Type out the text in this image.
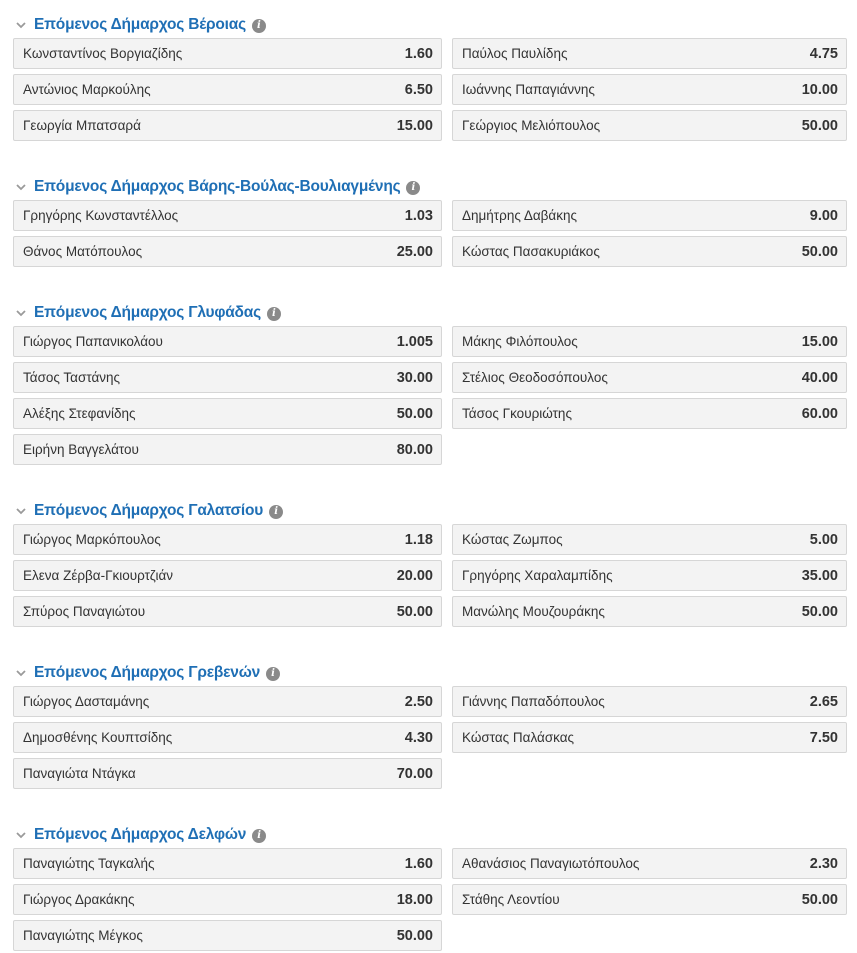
Επόμενος Δήμαρχος Βέροιας	i
Κωνσταντίνος Βοργιαζίδης	1.60 Παύλος Παυλίδης	4.75
Αντώνιος Μαρκούλης	6.50 Ιωάννης Παπαγιάννης	10.00
Γεωργία Μπατσαρά	15.00 Γεώργιος Μελιόπουλος	50.00
Επόμενος Δήμαρχος Βάρης-Βούλας-Βουλιαγμένης	i
Γρηγόρης Κωνσταντέλλος	1.03 Δημήτρης Δαβάκης	9.00
Θάνος Ματόπουλος	25.00 Κώστας Πασακυριάκος	50.00
Επόμενος Δήμαρχος Γλυφάδας	i
Γιώργος Παπανικολάου	1.005 Μάκης Φιλόπουλος	15.00
Τάσος Ταστάνης	30.00 Στέλιος Θεοδοσόπουλος	40.00
Αλέξης Στεφανίδης	50.00 Τάσος Γκουριώτης	60.00
Ειρήνη Βαγγελάτου	80.00
Επόμενος Δήμαρχος Γαλατσίου	i
Γιώργος Μαρκόπουλος	1.18 Κώστας Ζωμπος	5.00
Ελενα Ζέρβα-Γκιουρτζιάν	20.00 Γρηγόρης Χαραλαμπίδης	35.00
Σπύρος Παναγιώτου	50.00 Μανώλης Μουζουράκης	50.00
Επόμενος Δήμαρχος Γρεβενών	i
Γιώργος Δασταμάνης	2.50 Γιάννης Παπαδόπουλος	2.65
Δημοσθένης Κουπτσίδης	4.30 Κώστας Παλάσκας	7.50
Παναγιώτα Ντάγκα	70.00
Επόμενος Δήμαρχος Δελφών	i
Παναγιώτης Ταγκαλής	1.60 Αθανάσιος Παναγιωτόπουλος	2.30
Γιώργος Δρακάκης	18.00 Στάθης Λεοντίου	50.00
Παναγιώτης Μέγκος	50.00
